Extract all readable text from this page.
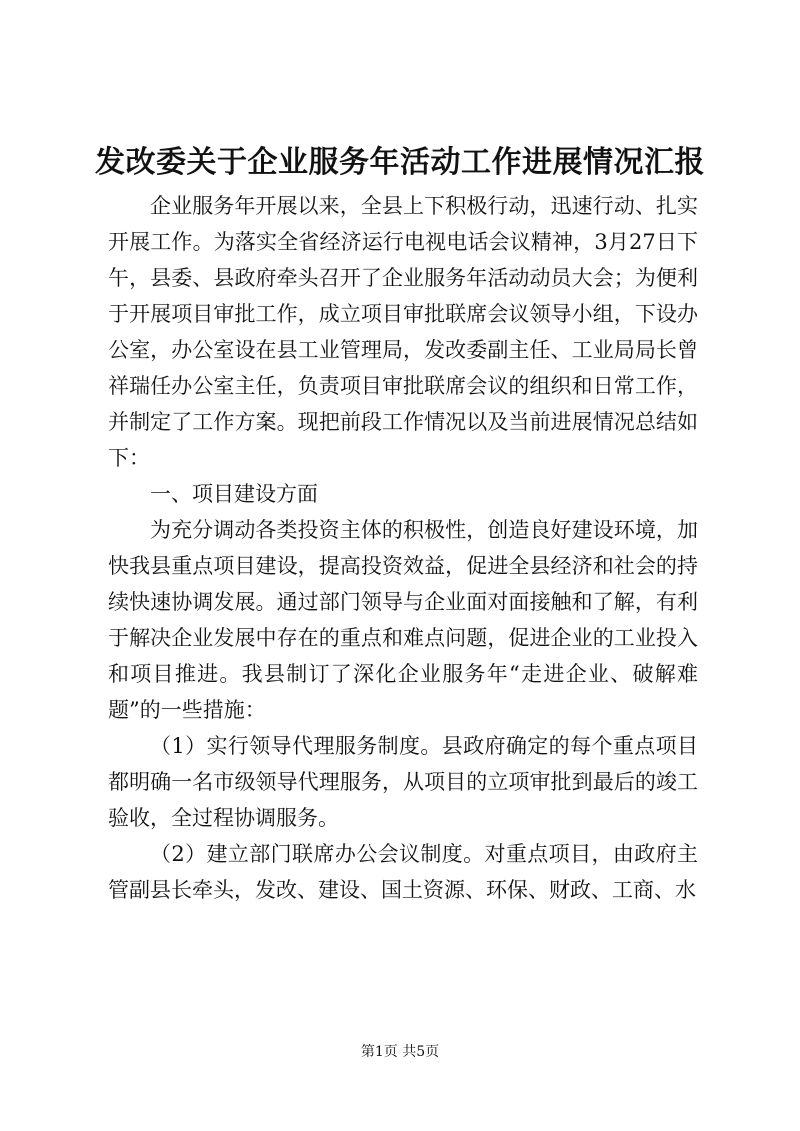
发改委关于企业服务年活动工作进展情况汇报

企业服务年开展以来，全县上下积极行动，迅速行动、扎实开展工作。为落实全省经济运行电视电话会议精神，3月27日下午，县委、县政府牵头召开了企业服务年活动动员大会；为便利于开展项目审批工作，成立项目审批联席会议领导小组，下设办公室，办公室设在县工业管理局，发改委副主任、工业局局长曾祥瑞任办公室主任，负责项目审批联席会议的组织和日常工作，并制定了工作方案。现把前段工作情况以及当前进展情况总结如下：

一、项目建设方面

为充分调动各类投资主体的积极性，创造良好建设环境，加快我县重点项目建设，提高投资效益，促进全县经济和社会的持续快速协调发展。通过部门领导与企业面对面接触和了解，有利于解决企业发展中存在的重点和难点问题，促进企业的工业投入和项目推进。我县制订了深化企业服务年“走进企业、破解难题”的一些措施：

（1）实行领导代理服务制度。县政府确定的每个重点项目都明确一名市级领导代理服务，从项目的立项审批到最后的竣工验收，全过程协调服务。

（2）建立部门联席办公会议制度。对重点项目，由政府主管副县长牵头，发改、建设、国土资源、环保、财政、工商、水

第1页 共5页
